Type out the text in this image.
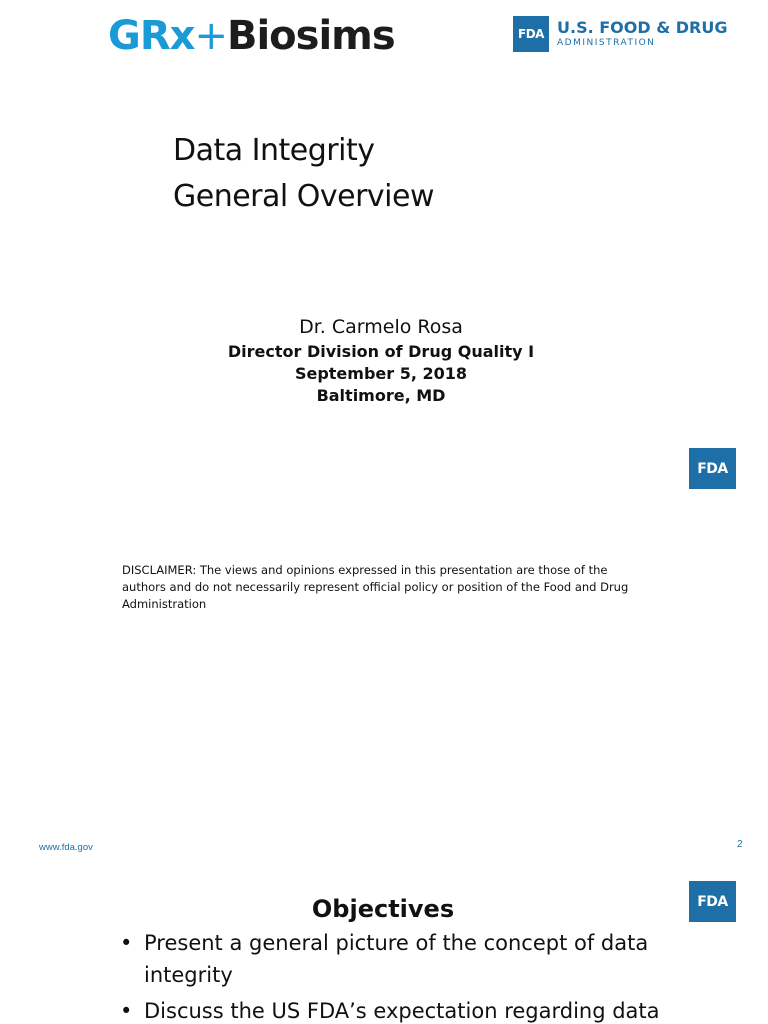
GRx+Biosims	FDA U.S. FOOD & DRUG
ADMINISTRATION
Data Integrity
General Overview
Dr. Carmelo Rosa
Director Division of Drug Quality I
September 5, 2018
Baltimore, MD
FDA
DISCLAIMER: The views and opinions expressed in this presentation are those of the authors and do not necessarily represent official policy or position of the Food and Drug Administration
www.fda.gov	2
FDA
Objectives
• Present a general picture of the concept of data integrity
• Discuss the US FDA’s expectation regarding data
